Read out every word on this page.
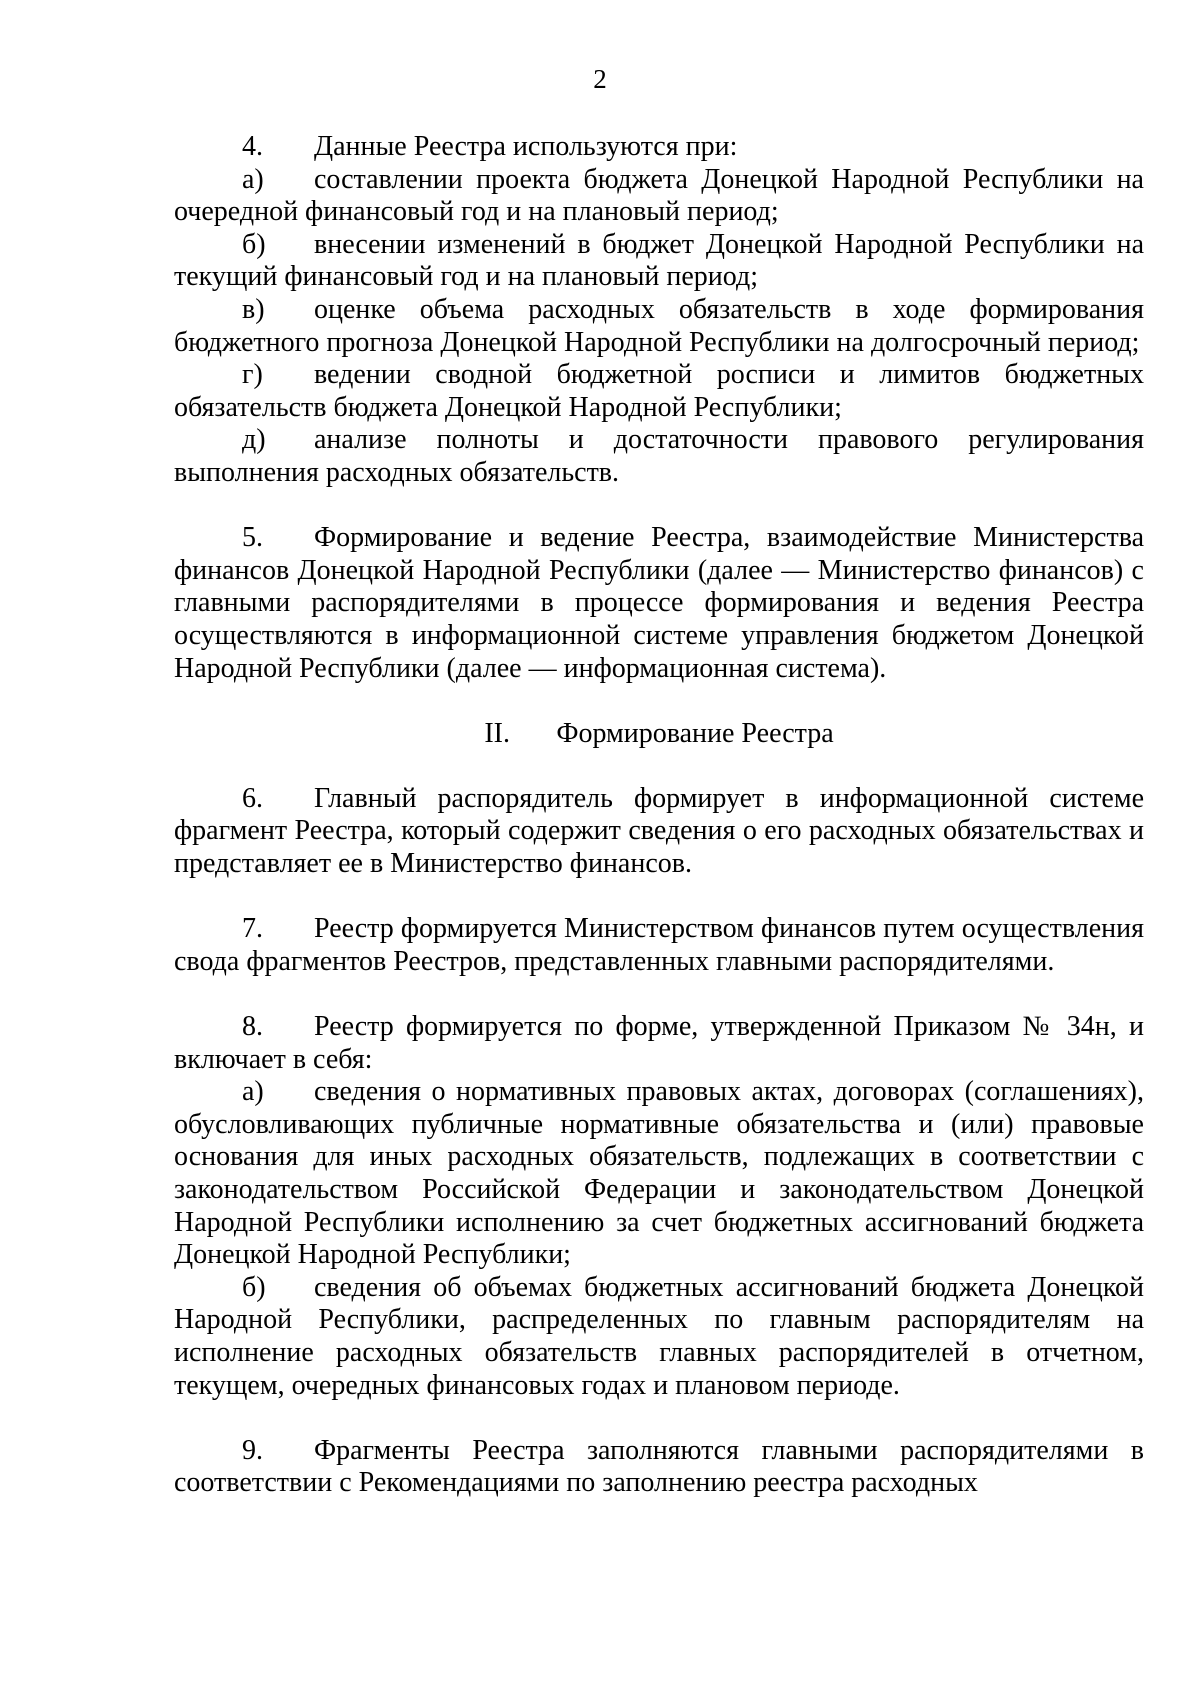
2

4. Данные Реестра используются при:

а) составлении проекта бюджета Донецкой Народной Республики на очередной финансовый год и на плановый период;

б) внесении изменений в бюджет Донецкой Народной Республики на текущий финансовый год и на плановый период;

в) оценке объема расходных обязательств в ходе формирования бюджетного прогноза Донецкой Народной Республики на долгосрочный период;

г) ведении сводной бюджетной росписи и лимитов бюджетных обязательств бюджета Донецкой Народной Республики;

д) анализе полноты и достаточности правового регулирования выполнения расходных обязательств.

5. Формирование и ведение Реестра, взаимодействие Министерства финансов Донецкой Народной Республики (далее — Министерство финансов) с главными распорядителями в процессе формирования и ведения Реестра осуществляются в информационной системе управления бюджетом Донецкой Народной Республики (далее — информационная система).

II. Формирование Реестра

6. Главный распорядитель формирует в информационной системе фрагмент Реестра, который содержит сведения о его расходных обязательствах и представляет ее в Министерство финансов.

7. Реестр формируется Министерством финансов путем осуществления свода фрагментов Реестров, представленных главными распорядителями.

8. Реестр формируется по форме, утвержденной Приказом № 34н, и включает в себя:

а) сведения о нормативных правовых актах, договорах (соглашениях), обусловливающих публичные нормативные обязательства и (или) правовые основания для иных расходных обязательств, подлежащих в соответствии с законодательством Российской Федерации и законодательством Донецкой Народной Республики исполнению за счет бюджетных ассигнований бюджета Донецкой Народной Республики;

б) сведения об объемах бюджетных ассигнований бюджета Донецкой Народной Республики, распределенных по главным распорядителям на исполнение расходных обязательств главных распорядителей в отчетном, текущем, очередных финансовых годах и плановом периоде.

9. Фрагменты Реестра заполняются главными распорядителями в соответствии с Рекомендациями по заполнению реестра расходных
